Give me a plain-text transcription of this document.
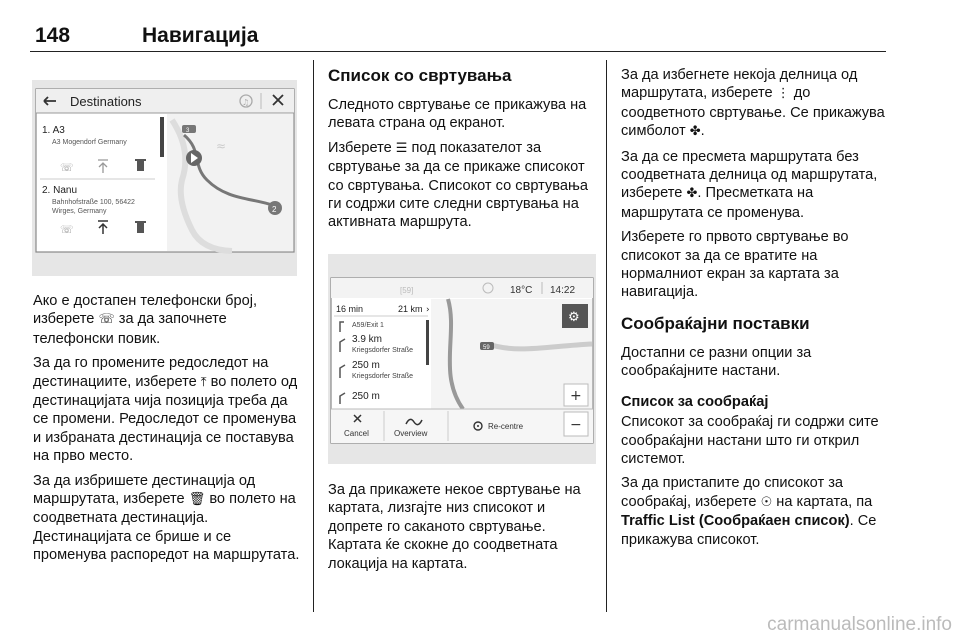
148	Навигација
Destinations	♫
1. A3
A3 Mogendorf Germany
☏
2. Nanu
Bahnhofstraße 100, 56422
Wirges, Germany
☏
3
2
≈

Ако е достапен телефонски број, изберете ☏ за да започнете телефонски повик.

За да го промените редоследот на дестинациите, изберете ⤒ во полето од дестинацијата чија позиција треба да се промени. Редоследот се променува и избраната дестинација се поставува на прво место.

За да избришете дестинација од маршрутата, изберете 🗑 во полето на соодветната дестинација. Дестинацијата се брише и се променува распоредот на маршрутата.

Список со свртувања

Следното свртување се прикажува на левата страна од екранот.

Изберете ☰ под показателот за свртување за да се прикаже списокот со свртувања. Списокот со свртувања ги содржи сите следни свртувања на активната маршрута.

[59]	18°C 14:22
16 min	21 km ›
A59/Exit 1
3.9 km
Kriegsdorfer Straße
250 m
Kriegsdorfer Straße
250 m
59
⚙
+
Cancel	Overview
Re-centre	−

За да прикажете некое свртување на картата, лизгајте низ списокот и допрете го саканото свртување. Картата ќе скокне до соодветната локација на картата.

За да избегнете некоја делница од маршрутата, изберете ⋮ до соодветното свртување. Се прикажува симболот ✤.

За да се пресмета маршрутата без соодветната делница од маршрутата, изберете ✤. Пресметката на маршрутата се променува.

Изберете го првото свртување во списокот за да се вратите на нормалниот екран за картата за навигација.

Сообраќајни поставки

Достапни се разни опции за сообраќајните настани.

Список за сообраќај

Списокот за сообраќај ги содржи сите сообраќајни настани што ги открил системот.

За да пристапите до списокот за сообраќај, изберете ☉ на картата, па Traffic List (Сообраќаен список). Се прикажува списокот.

carmanualsonline.info
